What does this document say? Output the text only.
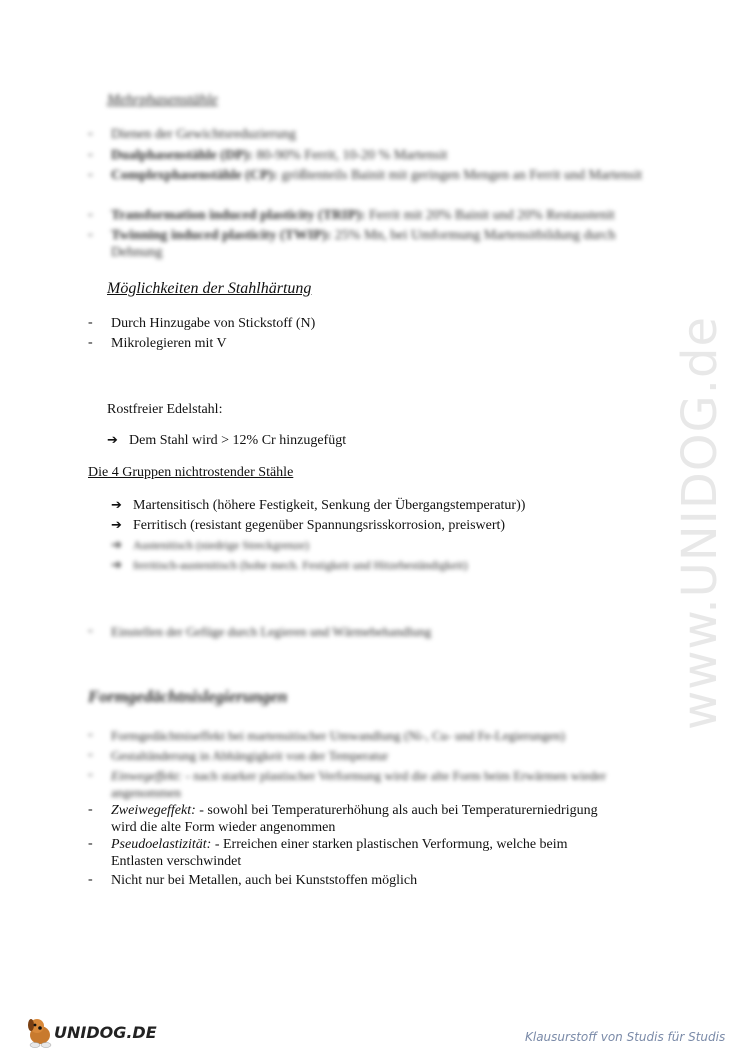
Mehrphasenstähle
- Dienen der Gewichtsreduzierung
- Dualphasenstähle (DP): 80-90% Ferrit, 10-20 % Martensit
- Complexphasenstähle (CP): größtenteils Bainit mit geringen Mengen an Ferrit und Martensit
- Transformation induced plasticity (TRIP): Ferrit mit 20% Bainit und 20% Restaustenit
- Twinning induced plasticity (TWIP): 25% Mn, bei Umformung Martensitbildung durch Dehnung
Möglichkeiten der Stahlhärtung
- Durch Hinzugabe von Stickstoff (N)
- Mikrolegieren mit V
Rostfreier Edelstahl:
➔ Dem Stahl wird > 12% Cr hinzugefügt
Die 4 Gruppen nichtrostender Stähle
➔ Martensitisch (höhere Festigkeit, Senkung der Übergangstemperatur))
➔ Ferritisch (resistant gegenüber Spannungsrisskorrosion, preiswert)
➔ Austenitisch (niedrige Streckgrenze)
➔ ferritisch-austenitisch (hohe mech. Festigkeit und Hitzebeständigkeit)
- Einstellen der Gefüge durch Legieren und Wärmebehandlung
Formgedächtnislegierungen
- Formgedächtniseffekt bei martensitischer Umwandlung (Ni-, Cu- und Fe-Legierungen)
- Gestaltänderung in Abhängigkeit von der Temperatur
- Einwegeffekt: - nach starker plastischer Verformung wird die alte Form beim Erwärmen wieder angenommen
- Zweiwegeffekt: - sowohl bei Temperaturerhöhung als auch bei Temperaturerniedrigung
wird die alte Form wieder angenommen
- Pseudoelastizität: - Erreichen einer starken plastischen Verformung, welche beim
Entlasten verschwindet
- Nicht nur bei Metallen, auch bei Kunststoffen möglich
www.UNIDOG.de
UNIDOG.DE	Klausurstoff von Studis für Studis
